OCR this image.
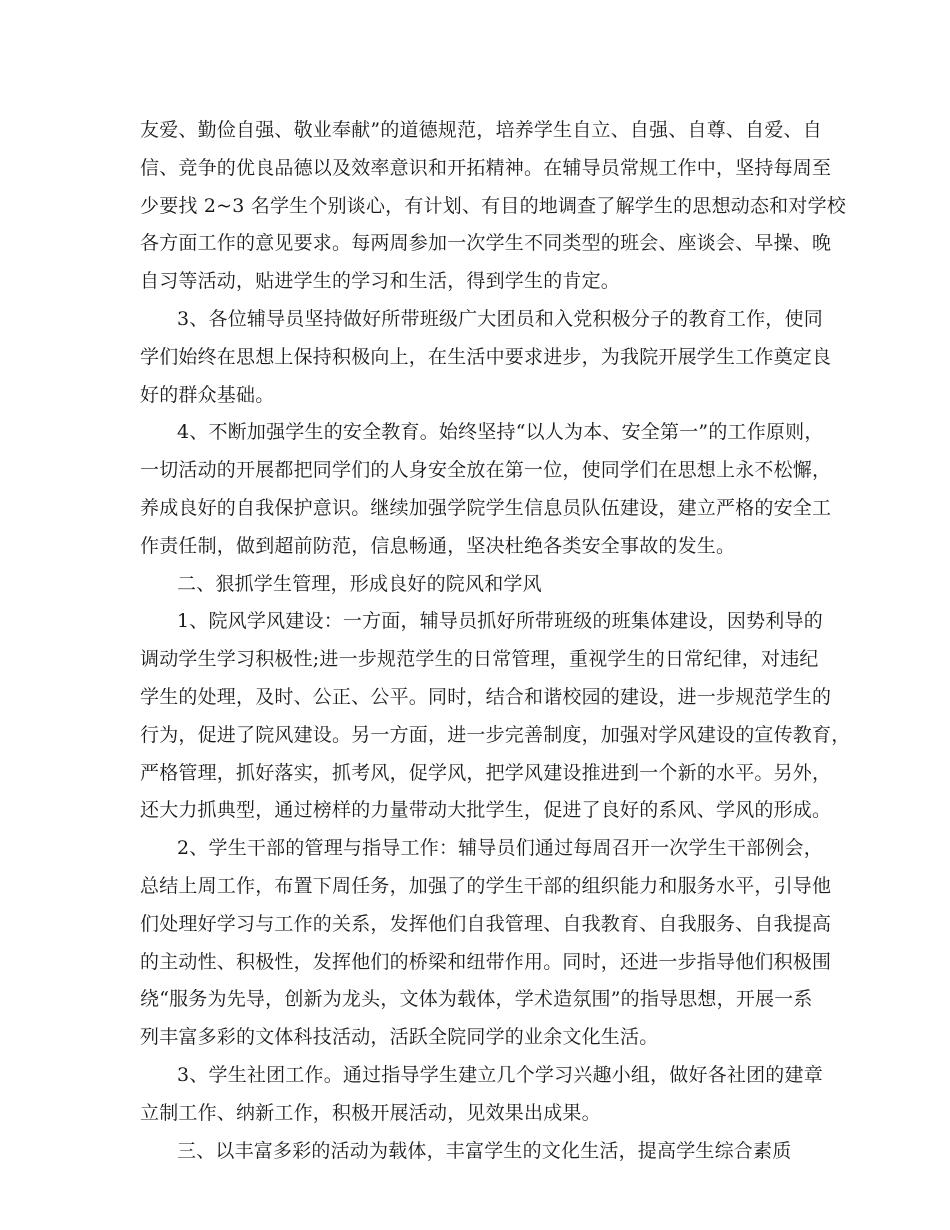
友爱、勤俭自强、敬业奉献”的道德规范，培养学生自立、自强、自尊、自爱、自
信、竞争的优良品德以及效率意识和开拓精神。在辅导员常规工作中，坚持每周至
少要找 2~3 名学生个别谈心，有计划、有目的地调查了解学生的思想动态和对学校
各方面工作的意见要求。每两周参加一次学生不同类型的班会、座谈会、早操、晚
自习等活动，贴进学生的学习和生活，得到学生的肯定。
3、各位辅导员坚持做好所带班级广大团员和入党积极分子的教育工作，使同
学们始终在思想上保持积极向上，在生活中要求进步，为我院开展学生工作奠定良
好的群众基础。
4、不断加强学生的安全教育。始终坚持“以人为本、安全第一”的工作原则，
一切活动的开展都把同学们的人身安全放在第一位，使同学们在思想上永不松懈，
养成良好的自我保护意识。继续加强学院学生信息员队伍建设，建立严格的安全工
作责任制，做到超前防范，信息畅通，坚决杜绝各类安全事故的发生。
二、狠抓学生管理，形成良好的院风和学风
1、院风学风建设：一方面，辅导员抓好所带班级的班集体建设，因势利导的
调动学生学习积极性;进一步规范学生的日常管理，重视学生的日常纪律，对违纪
学生的处理，及时、公正、公平。同时，结合和谐校园的建设，进一步规范学生的
行为，促进了院风建设。另一方面，进一步完善制度，加强对学风建设的宣传教育，
严格管理，抓好落实，抓考风，促学风，把学风建设推进到一个新的水平。另外，
还大力抓典型，通过榜样的力量带动大批学生，促进了良好的系风、学风的形成。
2、学生干部的管理与指导工作：辅导员们通过每周召开一次学生干部例会，
总结上周工作，布置下周任务，加强了的学生干部的组织能力和服务水平，引导他
们处理好学习与工作的关系，发挥他们自我管理、自我教育、自我服务、自我提高
的主动性、积极性，发挥他们的桥梁和纽带作用。同时，还进一步指导他们积极围
绕“服务为先导，创新为龙头，文体为载体，学术造氛围”的指导思想，开展一系
列丰富多彩的文体科技活动，活跃全院同学的业余文化生活。
3、学生社团工作。通过指导学生建立几个学习兴趣小组，做好各社团的建章
立制工作、纳新工作，积极开展活动，见效果出成果。
三、以丰富多彩的活动为载体，丰富学生的文化生活，提高学生综合素质
